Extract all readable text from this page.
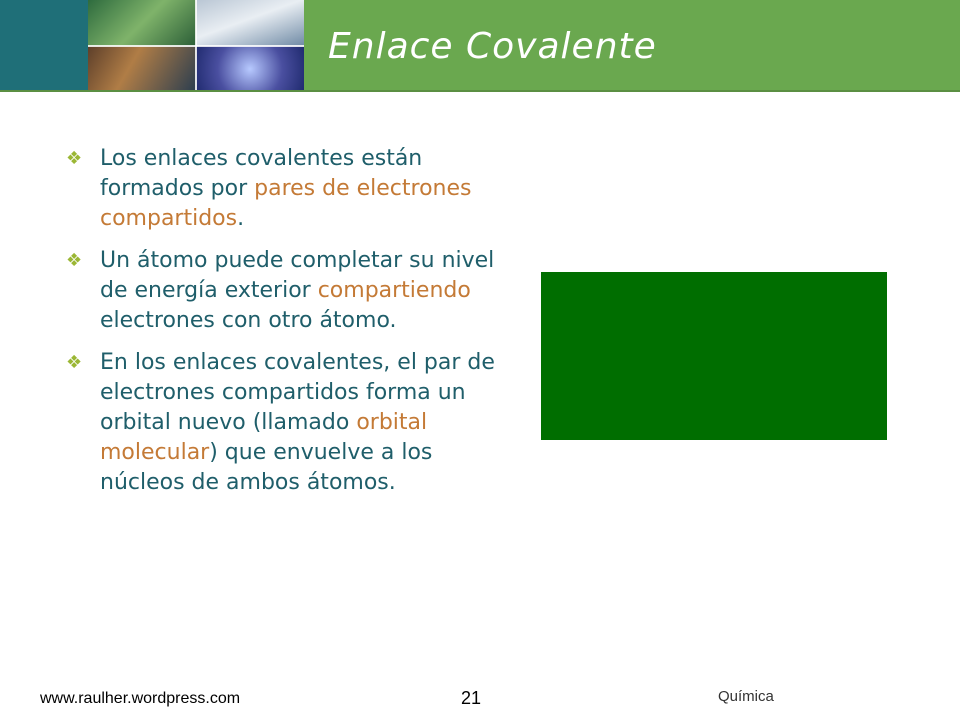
Enlace Covalente
❖ Los enlaces covalentes están formados por pares de electrones compartidos.
❖ Un átomo puede completar su nivel de energía exterior compartiendo electrones con otro átomo.
❖ En los enlaces covalentes, el par de electrones compartidos forma un orbital nuevo (llamado orbital molecular) que envuelve a los núcleos de ambos átomos.
www.raulher.wordpress.com	21	Química
